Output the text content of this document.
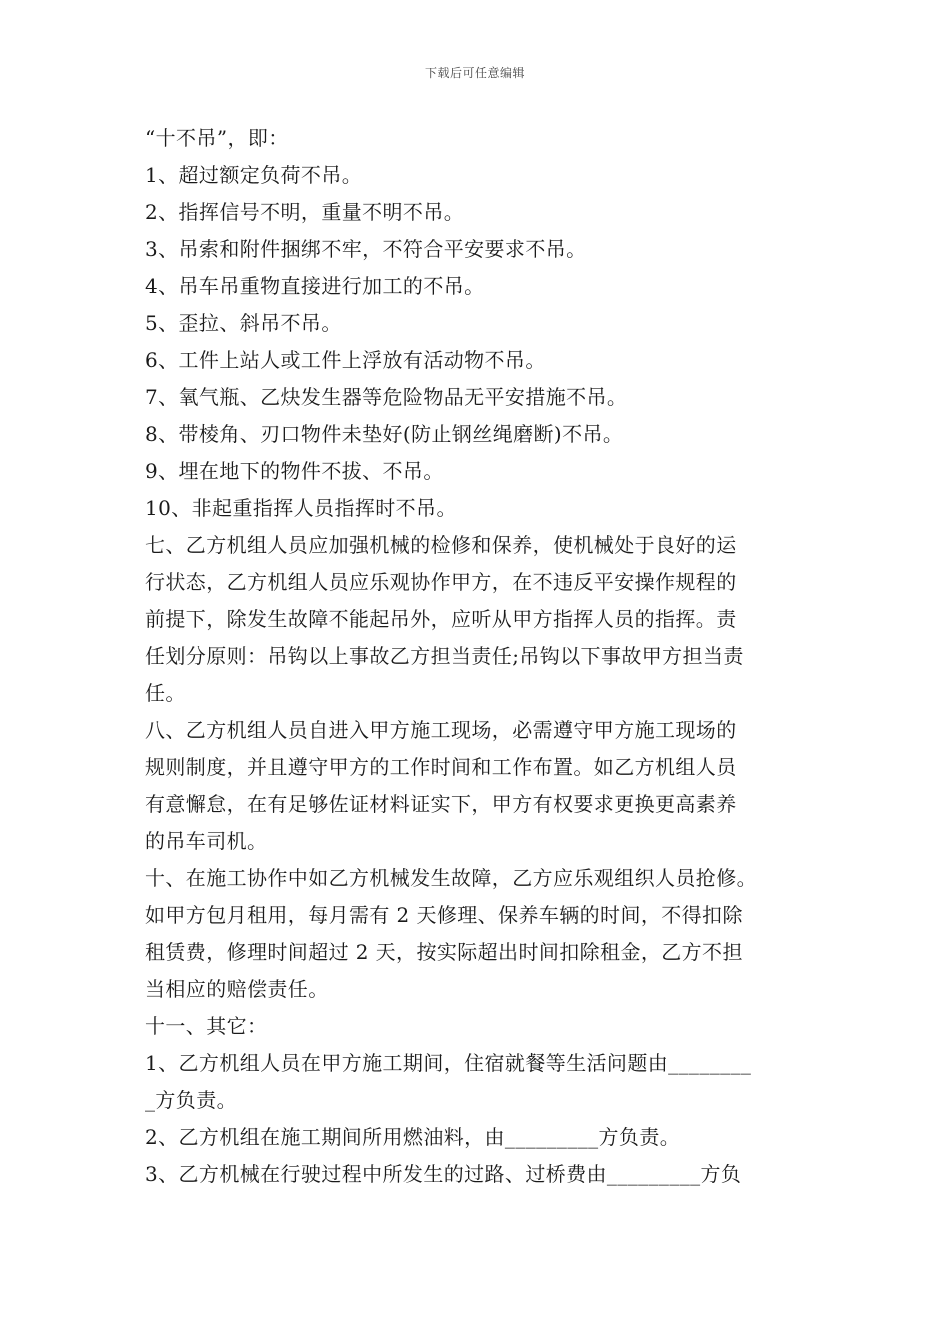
下载后可任意编辑
“十不吊”，即：
1、超过额定负荷不吊。
2、指挥信号不明，重量不明不吊。
3、吊索和附件捆绑不牢，不符合平安要求不吊。
4、吊车吊重物直接进行加工的不吊。
5、歪拉、斜吊不吊。
6、工件上站人或工件上浮放有活动物不吊。
7、氧气瓶、乙炔发生器等危险物品无平安措施不吊。
8、带棱角、刃口物件未垫好(防止钢丝绳磨断)不吊。
9、埋在地下的物件不拔、不吊。
10、非起重指挥人员指挥时不吊。
七、乙方机组人员应加强机械的检修和保养，使机械处于良好的运
行状态，乙方机组人员应乐观协作甲方，在不违反平安操作规程的
前提下，除发生故障不能起吊外，应听从甲方指挥人员的指挥。责
任划分原则：吊钩以上事故乙方担当责任;吊钩以下事故甲方担当责
任。
八、乙方机组人员自进入甲方施工现场，必需遵守甲方施工现场的
规则制度，并且遵守甲方的工作时间和工作布置。如乙方机组人员
有意懈怠，在有足够佐证材料证实下，甲方有权要求更换更高素养
的吊车司机。
十、在施工协作中如乙方机械发生故障，乙方应乐观组织人员抢修。
如甲方包月租用，每月需有 2 天修理、保养车辆的时间，不得扣除
租赁费，修理时间超过 2 天，按实际超出时间扣除租金，乙方不担
当相应的赔偿责任。
十一、其它：
1、乙方机组人员在甲方施工期间，住宿就餐等生活问题由________
_方负责。
2、乙方机组在施工期间所用燃油料，由_________方负责。
3、乙方机械在行驶过程中所发生的过路、过桥费由_________方负
